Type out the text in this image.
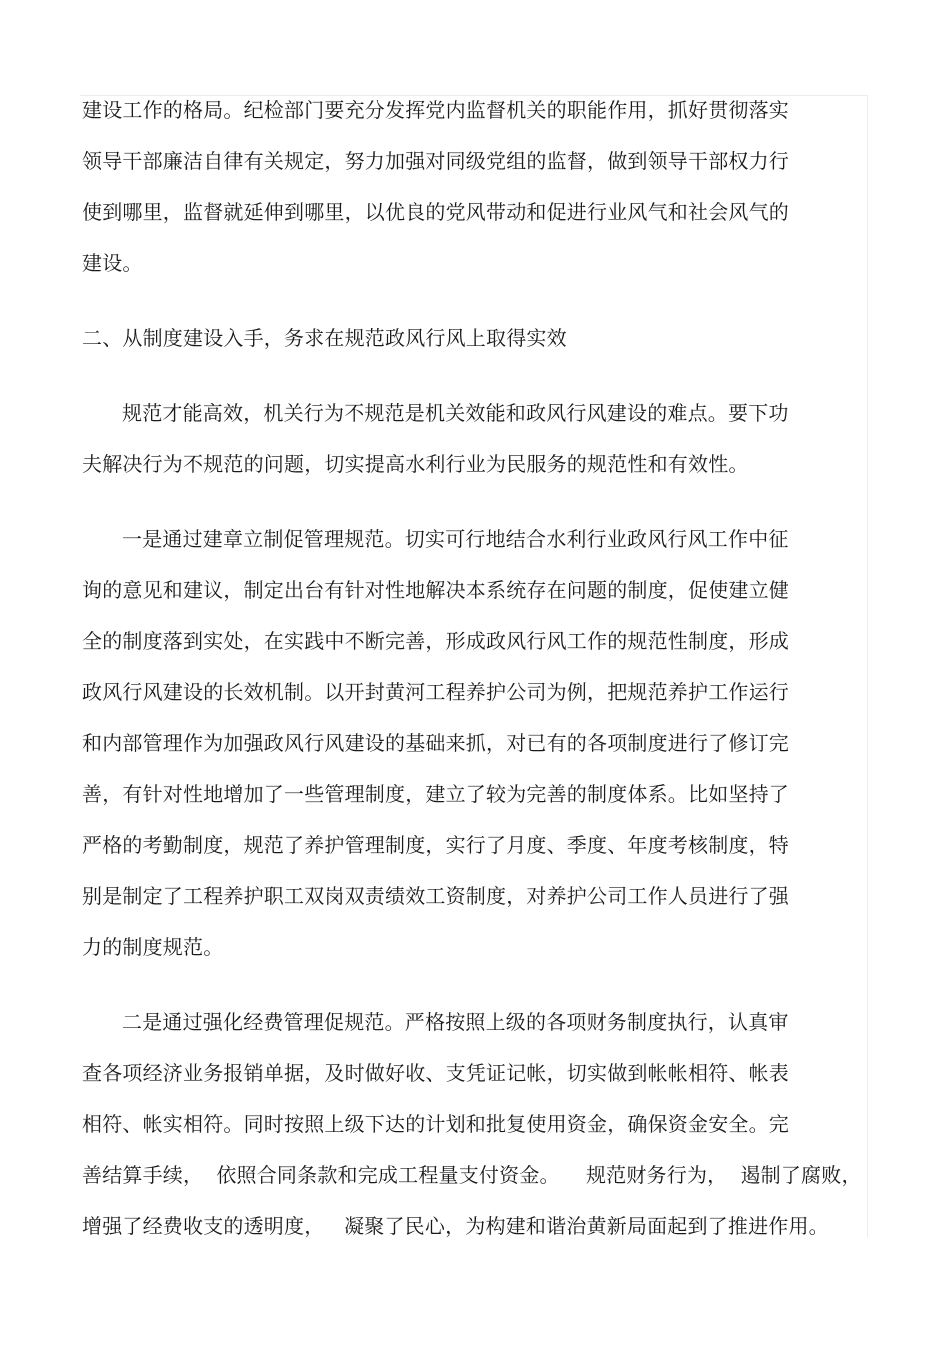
建设工作的格局。纪检部门要充分发挥党内监督机关的职能作用，抓好贯彻落实
领导干部廉洁自律有关规定，努力加强对同级党组的监督，做到领导干部权力行
使到哪里，监督就延伸到哪里，以优良的党风带动和促进行业风气和社会风气的
建设。
二、从制度建设入手，务求在规范政风行风上取得实效
规范才能高效，机关行为不规范是机关效能和政风行风建设的难点。要下功
夫解决行为不规范的问题，切实提高水利行业为民服务的规范性和有效性。
一是通过建章立制促管理规范。切实可行地结合水利行业政风行风工作中征
询的意见和建议，制定出台有针对性地解决本系统存在问题的制度，促使建立健
全的制度落到实处，在实践中不断完善，形成政风行风工作的规范性制度，形成
政风行风建设的长效机制。以开封黄河工程养护公司为例，把规范养护工作运行
和内部管理作为加强政风行风建设的基础来抓，对已有的各项制度进行了修订完
善，有针对性地增加了一些管理制度，建立了较为完善的制度体系。比如坚持了
严格的考勤制度，规范了养护管理制度，实行了月度、季度、年度考核制度，特
别是制定了工程养护职工双岗双责绩效工资制度，对养护公司工作人员进行了强
力的制度规范。
二是通过强化经费管理促规范。严格按照上级的各项财务制度执行，认真审
查各项经济业务报销单据，及时做好收、支凭证记帐，切实做到帐帐相符、帐表
相符、帐实相符。同时按照上级下达的计划和批复使用资金，确保资金安全。完
善结算手续，  依照合同条款和完成工程量支付资金。    规范财务行为，  遏制了腐败，
增强了经费收支的透明度，   凝聚了民心，为构建和谐治黄新局面起到了推进作用。
